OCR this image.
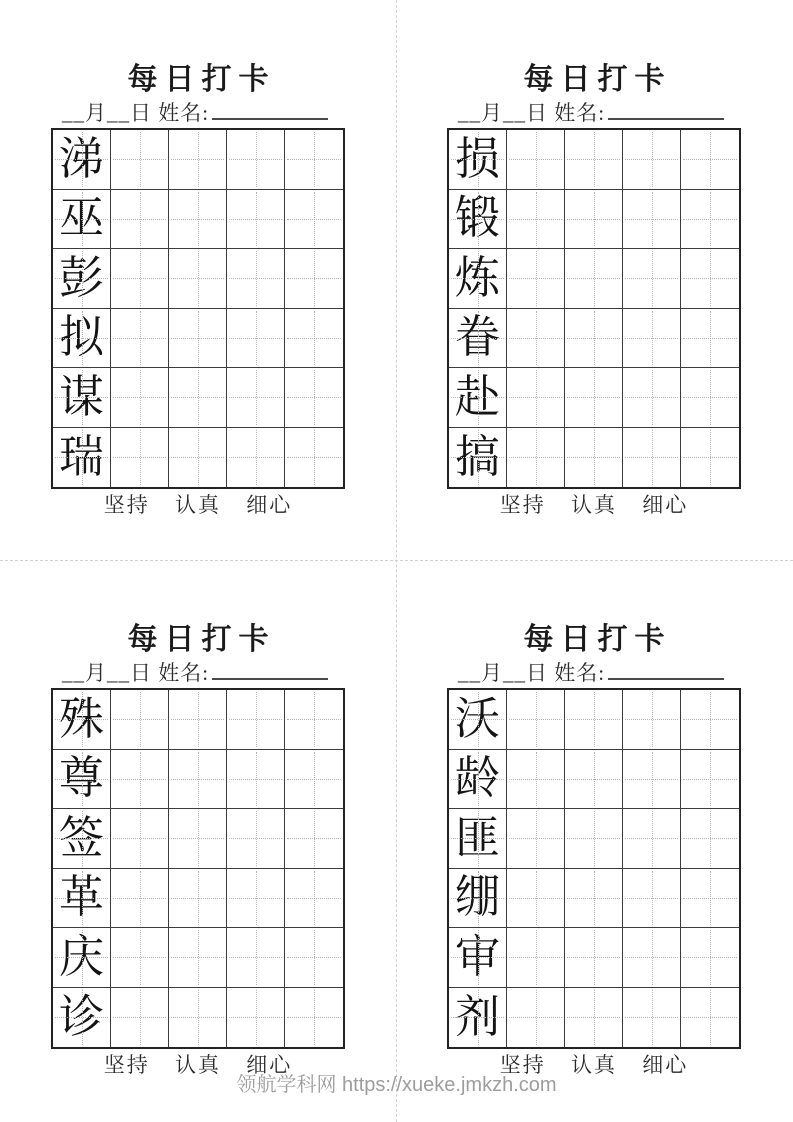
每日打卡
__月__日 姓名:
涕
巫
彭
拟
谋
瑞
坚持 认真 细心
每日打卡
__月__日 姓名:
损
锻
炼
眷
赴
搞
坚持 认真 细心
每日打卡
__月__日 姓名:
殊
尊
签
革
庆
诊
坚持 认真 细心
每日打卡
__月__日 姓名:
沃
龄
匪
绷
审
剂
坚持 认真 细心
领航学科网 https://xueke.jmkzh.com
